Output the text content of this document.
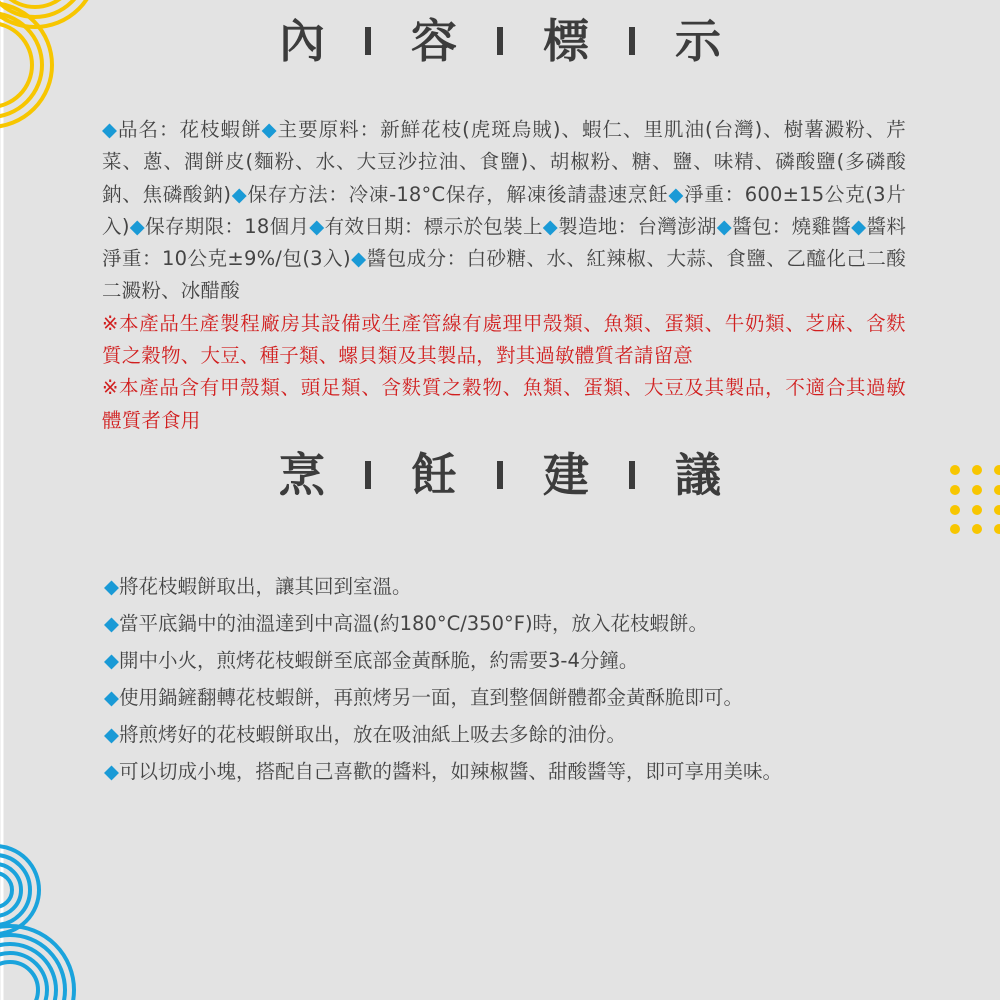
內 容 標 示
◆品名：花枝蝦餅◆主要原料：新鮮花枝(虎斑烏賊)、蝦仁、里肌油(台灣)、樹薯澱粉、芹菜、蔥、潤餅皮(麵粉、水、大豆沙拉油、食鹽)、胡椒粉、糖、鹽、味精、磷酸鹽(多磷酸鈉、焦磷酸鈉)◆保存方法：冷凍-18°C保存，解凍後請盡速烹飪◆淨重：600±15公克(3片入)◆保存期限：18個月◆有效日期：標示於包裝上◆製造地：台灣澎湖◆醬包：燒雞醬◆醬料淨重：10公克±9%/包(3入)◆醬包成分：白砂糖、水、紅辣椒、大蒜、食鹽、乙醯化己二酸二澱粉、冰醋酸
※本產品生產製程廠房其設備或生產管線有處理甲殼類、魚類、蛋類、牛奶類、芝麻、含麩質之穀物、大豆、種子類、螺貝類及其製品，對其過敏體質者請留意
※本產品含有甲殼類、頭足類、含麩質之穀物、魚類、蛋類、大豆及其製品，不適合其過敏體質者食用
烹 飪 建 議
◆將花枝蝦餅取出，讓其回到室溫。
◆當平底鍋中的油溫達到中高溫(約180°C/350°F)時，放入花枝蝦餅。
◆開中小火，煎烤花枝蝦餅至底部金黃酥脆，約需要3-4分鐘。
◆使用鍋鏟翻轉花枝蝦餅，再煎烤另一面，直到整個餅體都金黃酥脆即可。
◆將煎烤好的花枝蝦餅取出，放在吸油紙上吸去多餘的油份。
◆可以切成小塊，搭配自己喜歡的醬料，如辣椒醬、甜酸醬等，即可享用美味。
